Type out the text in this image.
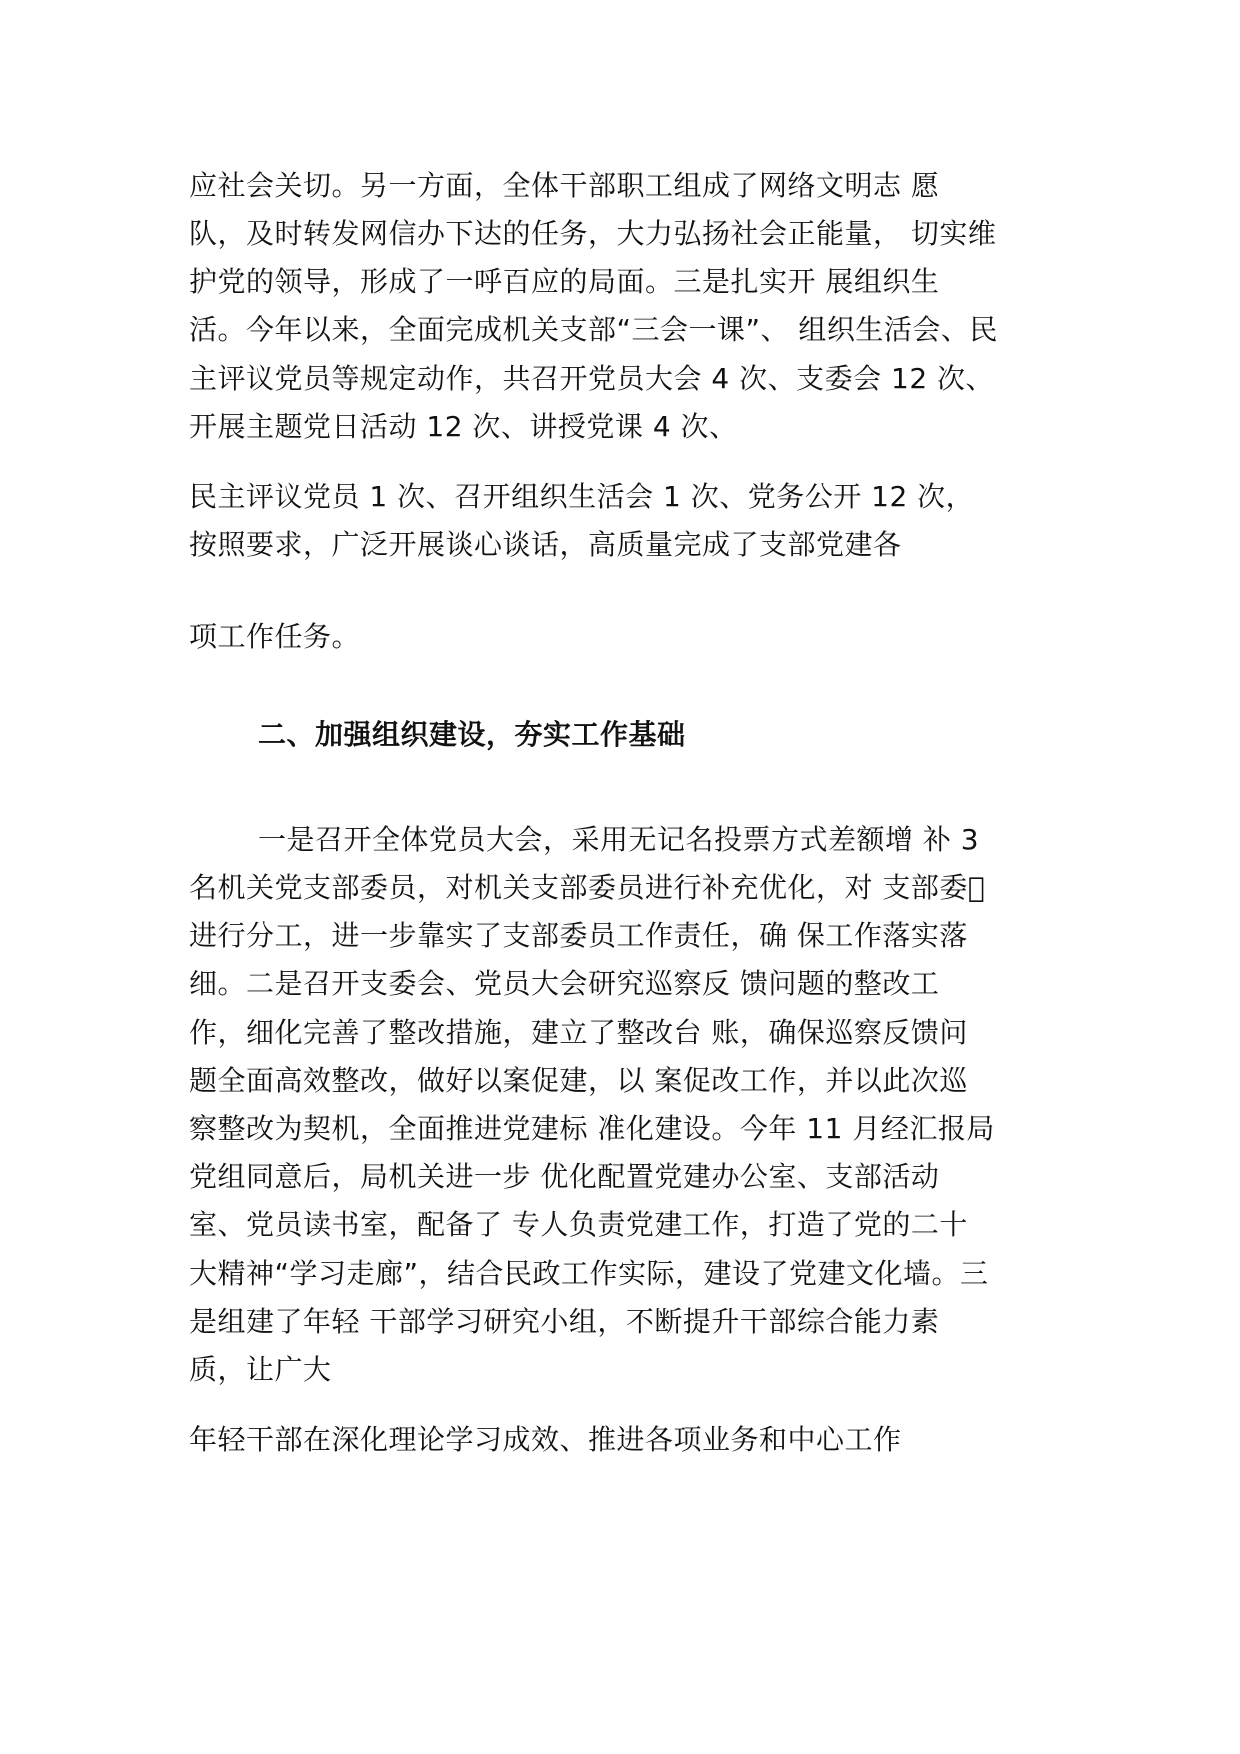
应社会关切。另一方面，全体干部职工组成了网络文明志 愿
队，及时转发网信办下达的任务，大力弘扬社会正能量， 切实维
护党的领导，形成了一呼百应的局面。三是扎实开 展组织生
活。今年以来，全面完成机关支部“三会一课”、 组织生活会、民
主评议党员等规定动作，共召开党员大会 4 次、支委会 12 次、
开展主题党日活动 12 次、讲授党课 4 次、
民主评议党员 1 次、召开组织生活会 1 次、党务公开 12 次，
按照要求，广泛开展谈心谈话，高质量完成了支部党建各
项工作任务。
二、加强组织建设，夯实工作基础
一是召开全体党员大会，采用无记名投票方式差额增 补 3
名机关党支部委员，对机关支部委员进行补充优化，对 支部委􏿾
进行分工，进一步靠实了支部委员工作责任，确 保工作落实落
细。二是召开支委会、党员大会研究巡察反 馈问题的整改工
作，细化完善了整改措施，建立了整改台 账，确保巡察反馈问
题全面高效整改，做好以案促建，以 案促改工作，并以此次巡
察整改为契机，全面推进党建标 准化建设。今年 11 月经汇报局
党组同意后，局机关进一步 优化配置党建办公室、支部活动
室、党员读书室，配备了 专人负责党建工作，打造了党的二十
大精神“学习走廊”，结合民政工作实际，建设了党建文化墙。三
是组建了年轻 干部学习研究小组，不断提升干部综合能力素
质，让广大
年轻干部在深化理论学习成效、推进各项业务和中心工作
